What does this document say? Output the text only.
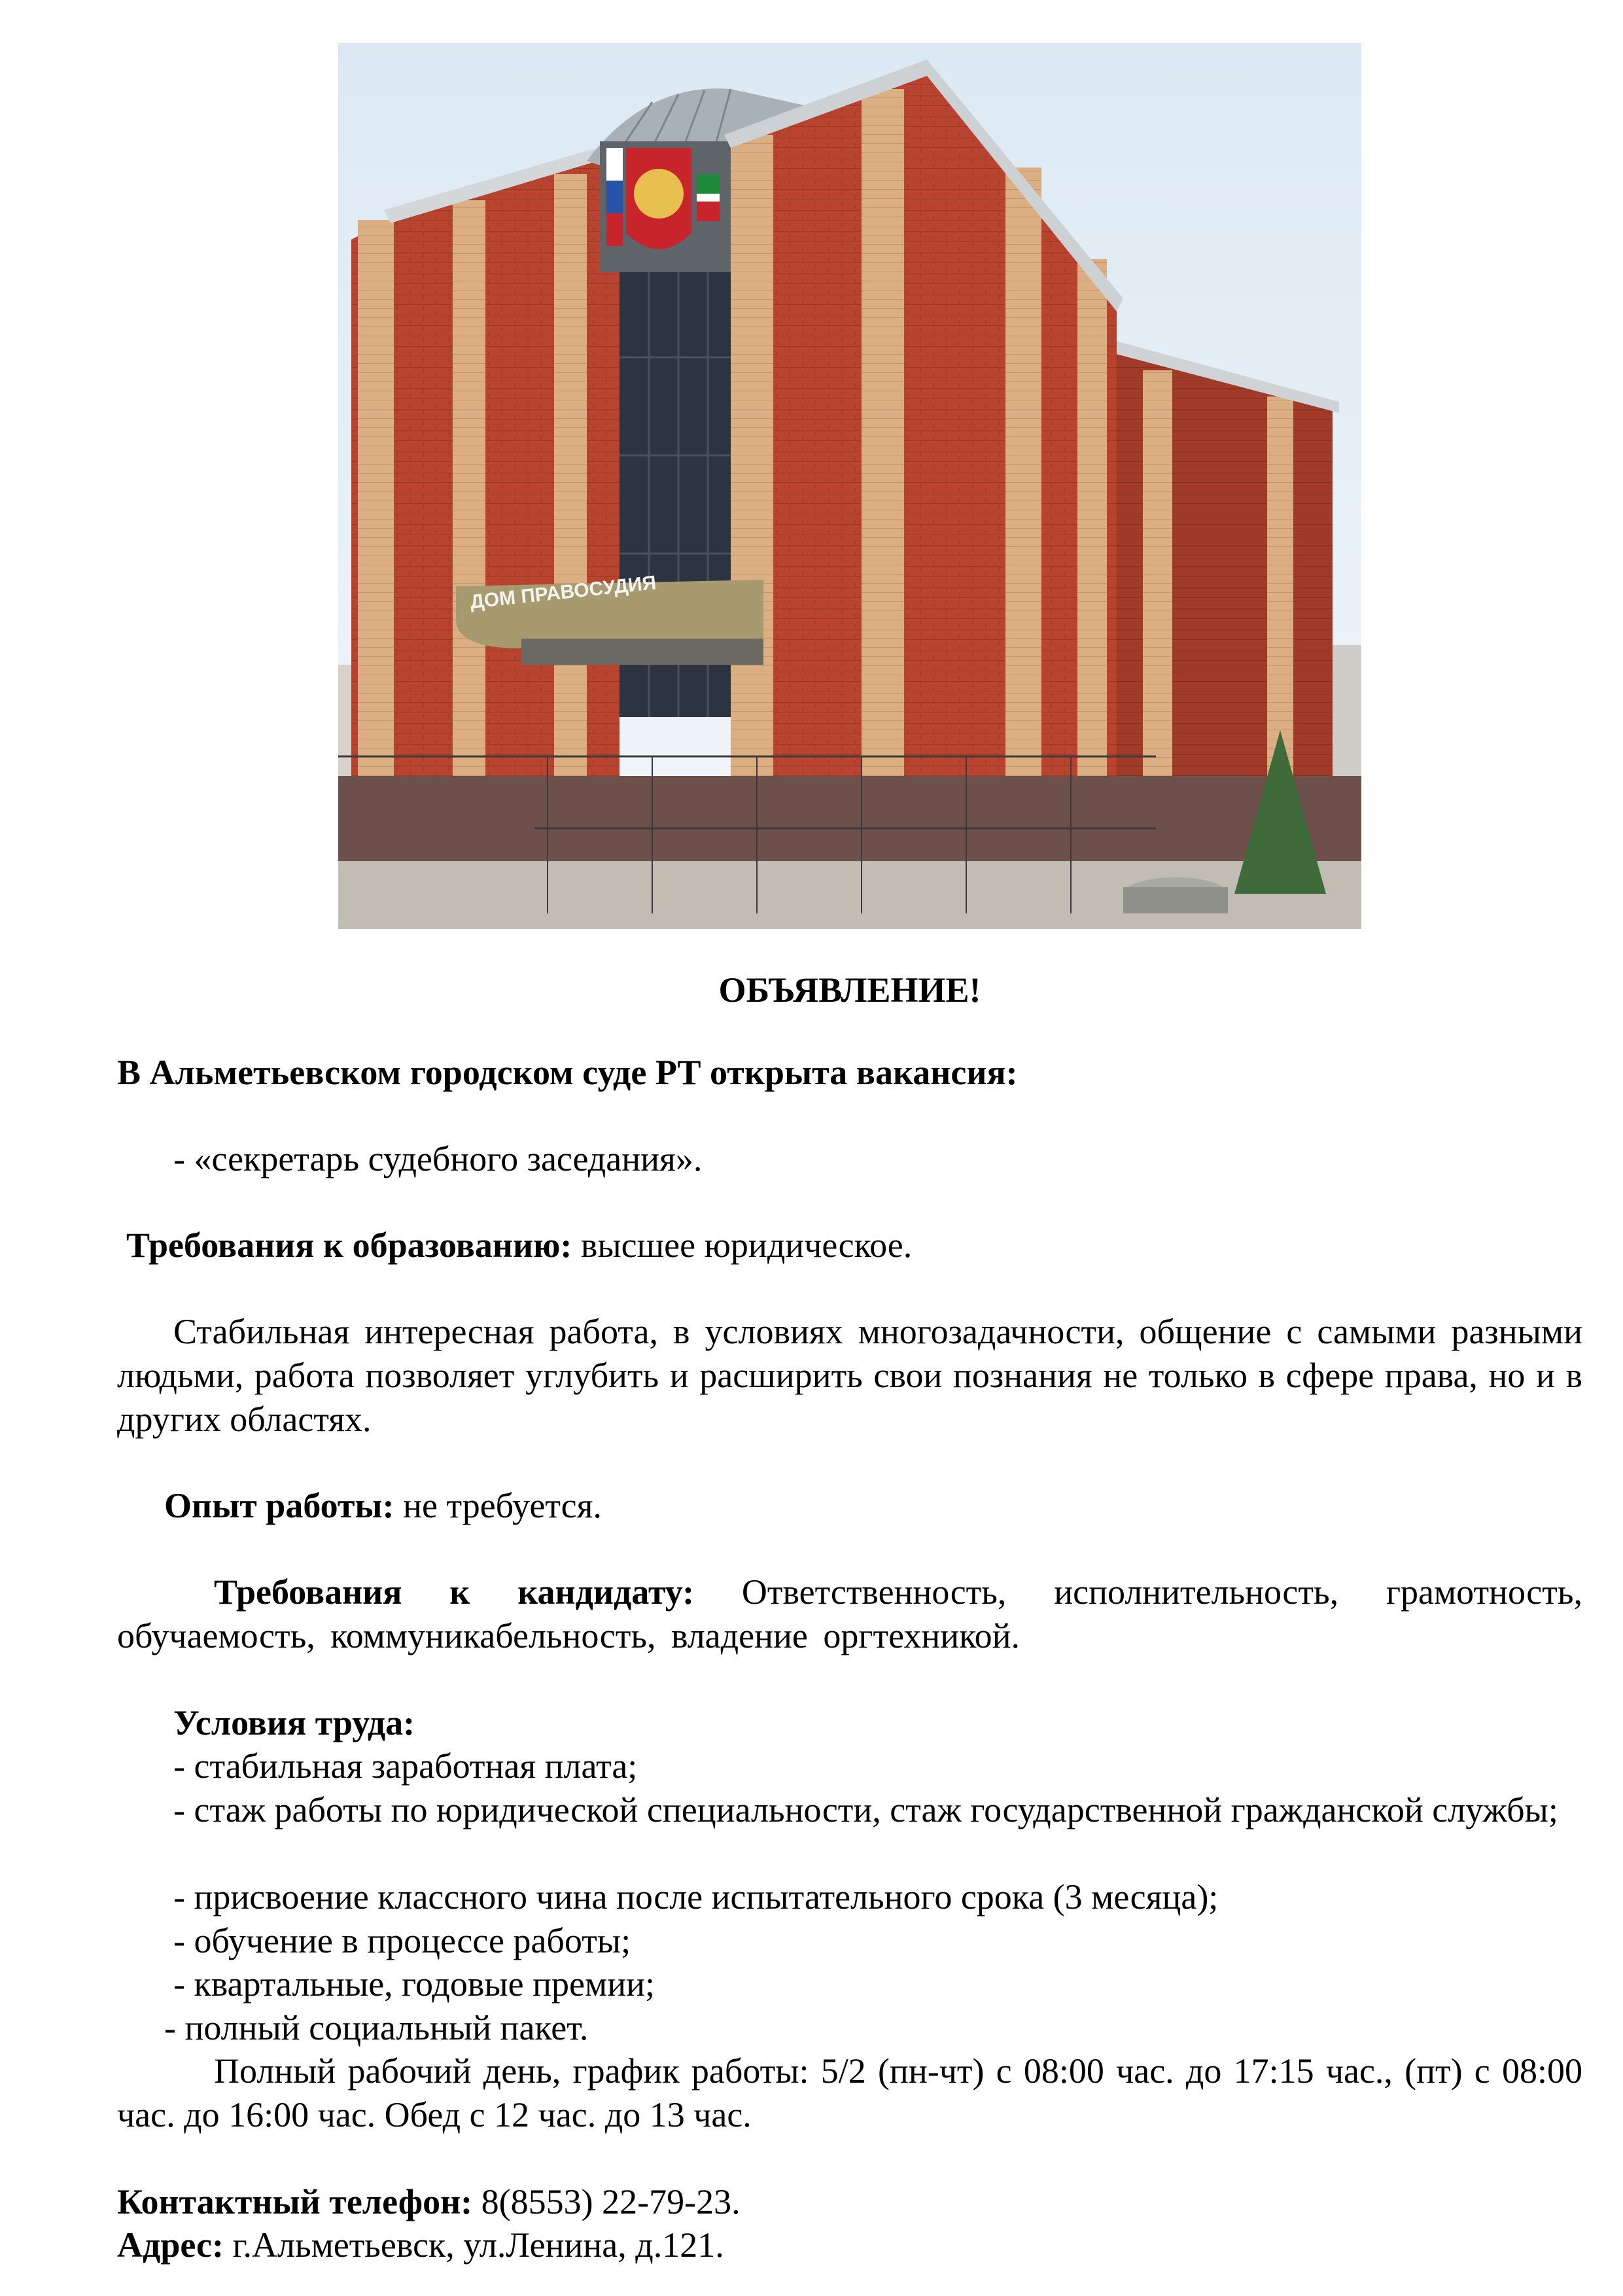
ДОМ ПРАВОСУДИЯ
ОБЪЯВЛЕНИЕ!
В Альметьевском городском суде РТ открыта вакансия:
- «секретарь судебного заседания».
Требования к образованию: высшее юридическое.
Стабильная интересная работа, в условиях многозадачности, общение с самыми разными людьми, работа позволяет углубить и расширить свои познания не только в сфере права, но и в других областях.
Опыт работы: не требуется.
Требования к кандидату: Ответственность, исполнительность, грамотность, обучаемость, коммуникабельность, владение оргтехникой.
Условия труда:
- стабильная заработная плата;
- стаж работы по юридической специальности, стаж государственной гражданской службы;
- присвоение классного чина после испытательного срока (3 месяца);
- обучение в процессе работы;
- квартальные, годовые премии;
- полный социальный пакет.
Полный рабочий день, график работы: 5/2 (пн-чт) с 08:00 час. до 17:15 час., (пт) с 08:00 час. до 16:00 час. Обед с 12 час. до 13 час.
Контактный телефон: 8(8553) 22-79-23.
Адрес: г.Альметьевск, ул.Ленина, д.121.
